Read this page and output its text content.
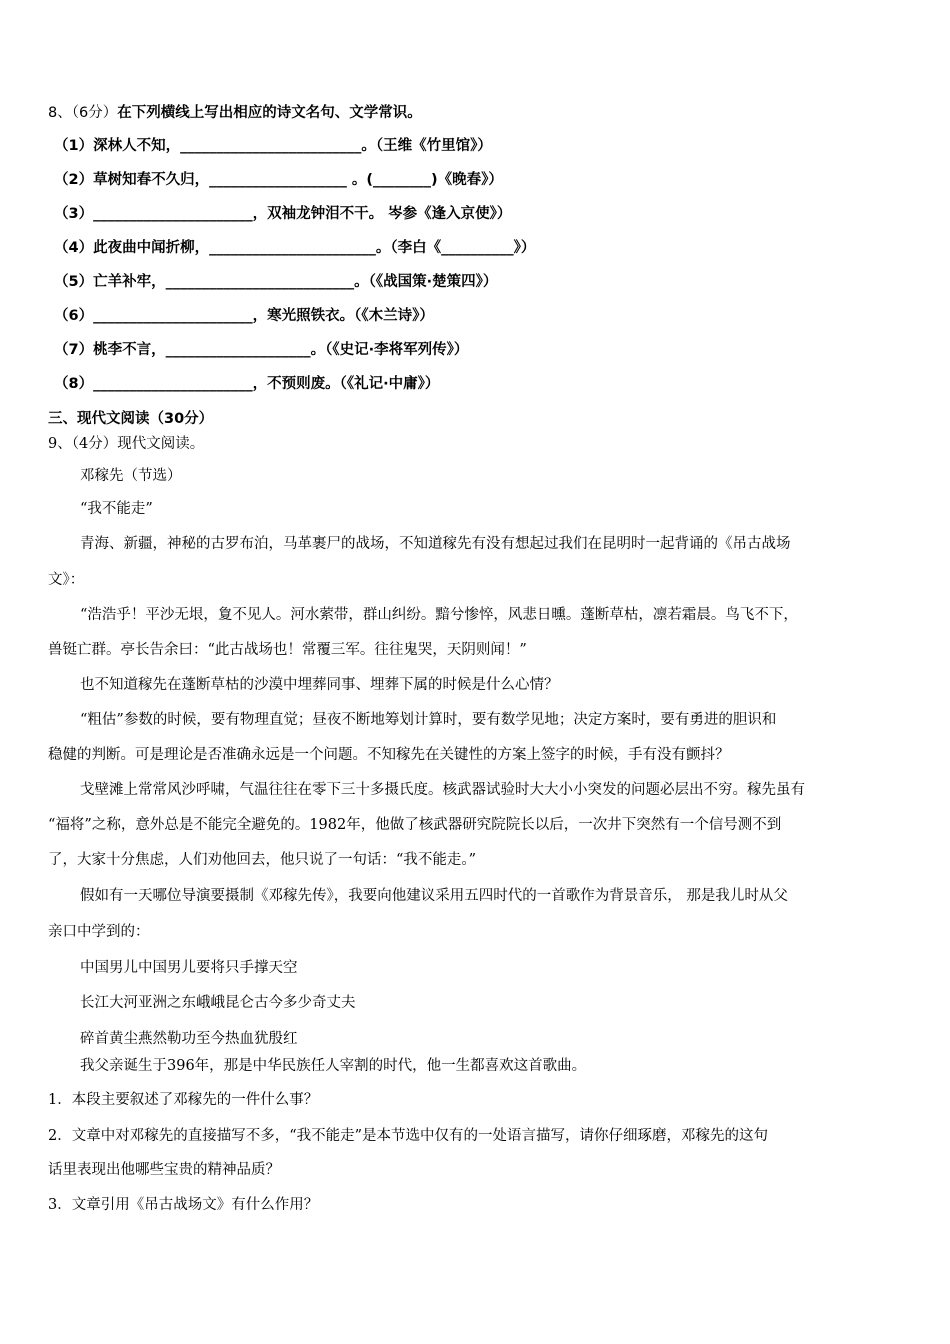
8、（6分）在下列横线上写出相应的诗文名句、文学常识。
（1）深林人不知，_________________________。（王维《竹里馆》）
（2）草树知春不久归，___________________ 。(________)《晚春》）
（3）______________________，双袖龙钟泪不干。 岑参《逢入京使》）
（4）此夜曲中闻折柳，_______________________。（李白《__________》）
（5）亡羊补牢，__________________________。（《战国策·楚策四》）
（6）______________________，寒光照铁衣。（《木兰诗》）
（7）桃李不言，____________________。（《史记·李将军列传》）
（8）______________________，不预则废。（《礼记·中庸》）
三、现代文阅读（30分）
9、（4分）现代文阅读。
邓稼先（节选）
“我不能走”
青海、新疆，神秘的古罗布泊，马革裹尸的战场，不知道稼先有没有想起过我们在昆明时一起背诵的《吊古战场
文》：
“浩浩乎！平沙无垠，夐不见人。河水萦带，群山纠纷。黯兮惨悴，风悲日曛。蓬断草枯，凛若霜晨。鸟飞不下，
兽铤亡群。亭长告余曰：“此古战场也！常覆三军。往往鬼哭，天阴则闻！”
也不知道稼先在蓬断草枯的沙漠中埋葬同事、埋葬下属的时候是什么心情？
“粗估”参数的时候，要有物理直觉；昼夜不断地筹划计算时，要有数学见地；决定方案时，要有勇进的胆识和
稳健的判断。可是理论是否准确永远是一个问题。不知稼先在关键性的方案上签字的时候，手有没有颤抖？
戈壁滩上常常风沙呼啸，气温往往在零下三十多摄氏度。核武器试验时大大小小突发的问题必层出不穷。稼先虽有
“福将”之称，意外总是不能完全避免的。1982年，他做了核武器研究院院长以后，一次井下突然有一个信号测不到
了，大家十分焦虑，人们劝他回去，他只说了一句话：“我不能走。”
假如有一天哪位导演要摄制《邓稼先传》，我要向他建议采用五四时代的一首歌作为背景音乐， 那是我儿时从父
亲口中学到的：
中国男儿中国男儿要将只手撑天空
长江大河亚洲之东峨峨昆仑古今多少奇丈夫
碎首黄尘燕然勒功至今热血犹殷红
我父亲诞生于396年，那是中华民族任人宰割的时代，他一生都喜欢这首歌曲。
1．本段主要叙述了邓稼先的一件什么事？
2．文章中对邓稼先的直接描写不多，“我不能走”是本节选中仅有的一处语言描写，请你仔细琢磨，邓稼先的这句
话里表现出他哪些宝贵的精神品质？
3．文章引用《吊古战场文》有什么作用？
